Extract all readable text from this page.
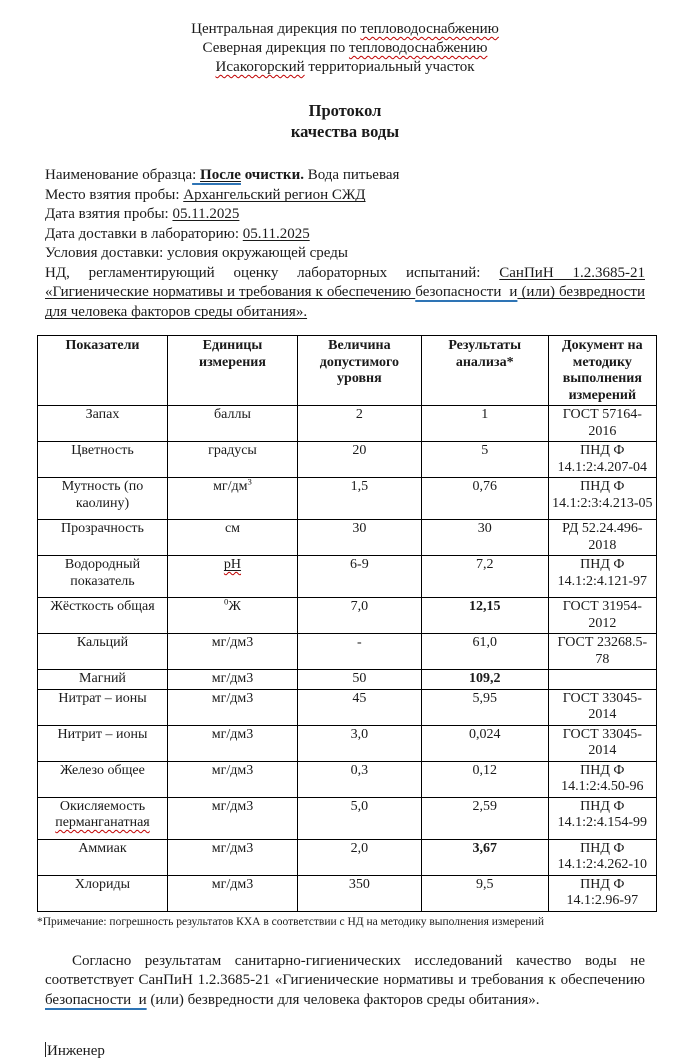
Центральная дирекция по тепловодоснабжению

Северная дирекция по тепловодоснабжению

Исакогорский территориальный участок

Протокол

качества воды

Наименование образца: После очистки. Вода питьевая

Место взятия пробы: Архангельский регион СЖД

Дата взятия пробы: 05.11.2025

Дата доставки в лабораторию: 05.11.2025

Условия доставки: условия окружающей среды

НД, регламентирующий оценку лабораторных испытаний: СанПиН 1.2.3685-21 «Гигиенические нормативы и требования к обеспечению безопасности  и (или) безвредности для человека факторов среды обитания».

Показатели	Единицы измерения	Величина допустимого уровня	Результаты анализа*	Документ на методику выполнения измерений
Запах	баллы	2	1	ГОСТ 57164-2016
Цветность	градусы	20	5	ПНД Ф 14.1:2:4.207-04
Мутность (по каолину)	$мг/дм^3$	1,5	0,76	ПНД Ф 14.1:2:3:4.213-05
Прозрачность	см	30	30	РД 52.24.496-2018
Водородный показатель	рН	6-9	7,2	ПНД Ф 14.1:2:4.121-97
Жёсткость общая	$^0$Ж	7,0	12,15	ГОСТ 31954-2012
Кальций	мг/дм3	-	61,0	ГОСТ 23268.5-78
Магний	мг/дм3	50	109,2	
Нитрат – ионы	мг/дм3	45	5,95	ГОСТ 33045-2014
Нитрит – ионы	мг/дм3	3,0	0,024	ГОСТ 33045-2014
Железо общее	мг/дм3	0,3	0,12	ПНД Ф 14.1:2:4.50-96
Окисляемость
перманганатная	мг/дм3	5,0	2,59	ПНД Ф 14.1:2:4.154-99
Аммиак	мг/дм3	2,0	3,67	ПНД Ф 14.1:2:4.262-10
Хлориды	мг/дм3	350	9,5	ПНД Ф 14.1:2.96-97

*Примечание: погрешность результатов КХА в соответствии с НД на методику выполнения измерений

Согласно результатам санитарно-гигиенических исследований качество воды не соответствует СанПиН 1.2.3685-21 «Гигиенические нормативы и требования к обеспечению безопасности  и (или) безвредности для человека факторов среды обитания».

Инженер
